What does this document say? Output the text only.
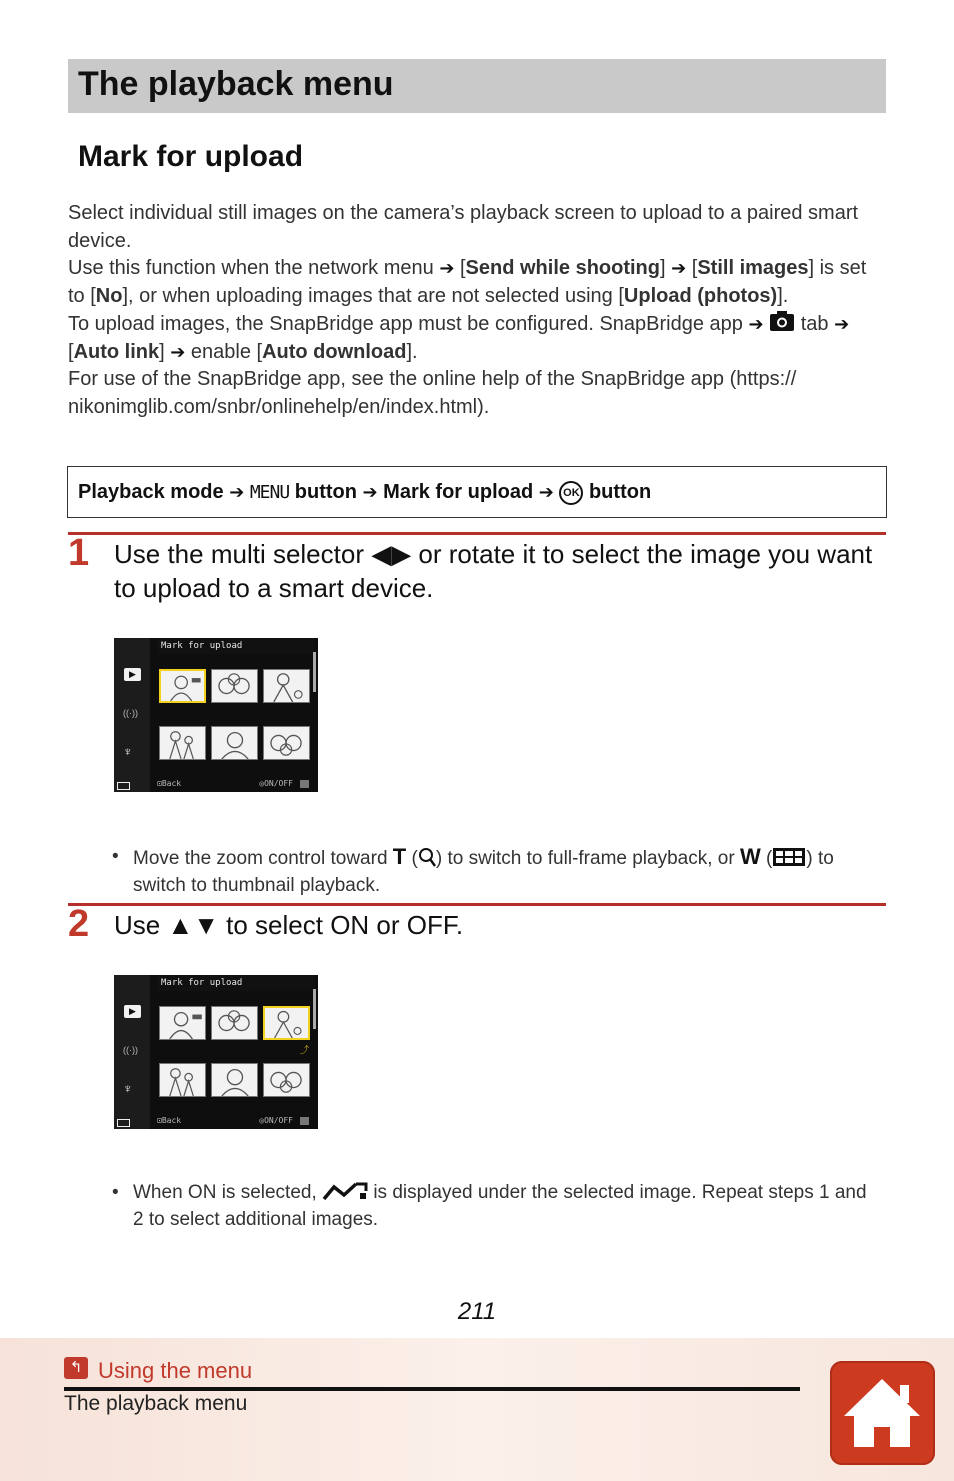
The playback menu
Mark for upload

Select individual still images on the camera’s playback screen to upload to a paired smart device.

Use this function when the network menu ➔ [Send while shooting] ➔ [Still images] is set to [No], or when uploading images that are not selected using [Upload (photos)].

To upload images, the SnapBridge app must be configured. SnapBridge app ➔ tab ➔ [Auto link] ➔ enable [Auto download].

For use of the SnapBridge app, see the online help of the SnapBridge app (https:// nikonimglib.com/snbr/onlinehelp/en/index.html).

Playback mode ➔ MENU button ➔ Mark for upload ➔ OK button
1 Use the multi selector ◀▶ or rotate it to select the image you want to upload to a smart device.
▶
((·))
♆
Mark for upload
⊡Back	◎ON/OFF
• Move the zoom control toward T ( ) to switch to full-frame playback, or W ( ) to switch to thumbnail playback.
2 Use ▲▼ to select ON or OFF.
▶
((·))
♆
Mark for upload
⤴
⊡Back	◎ON/OFF
• When ON is selected,	is displayed under the selected image. Repeat steps 1 and 2 to select additional images.
211
↰ Using the menu
The playback menu
